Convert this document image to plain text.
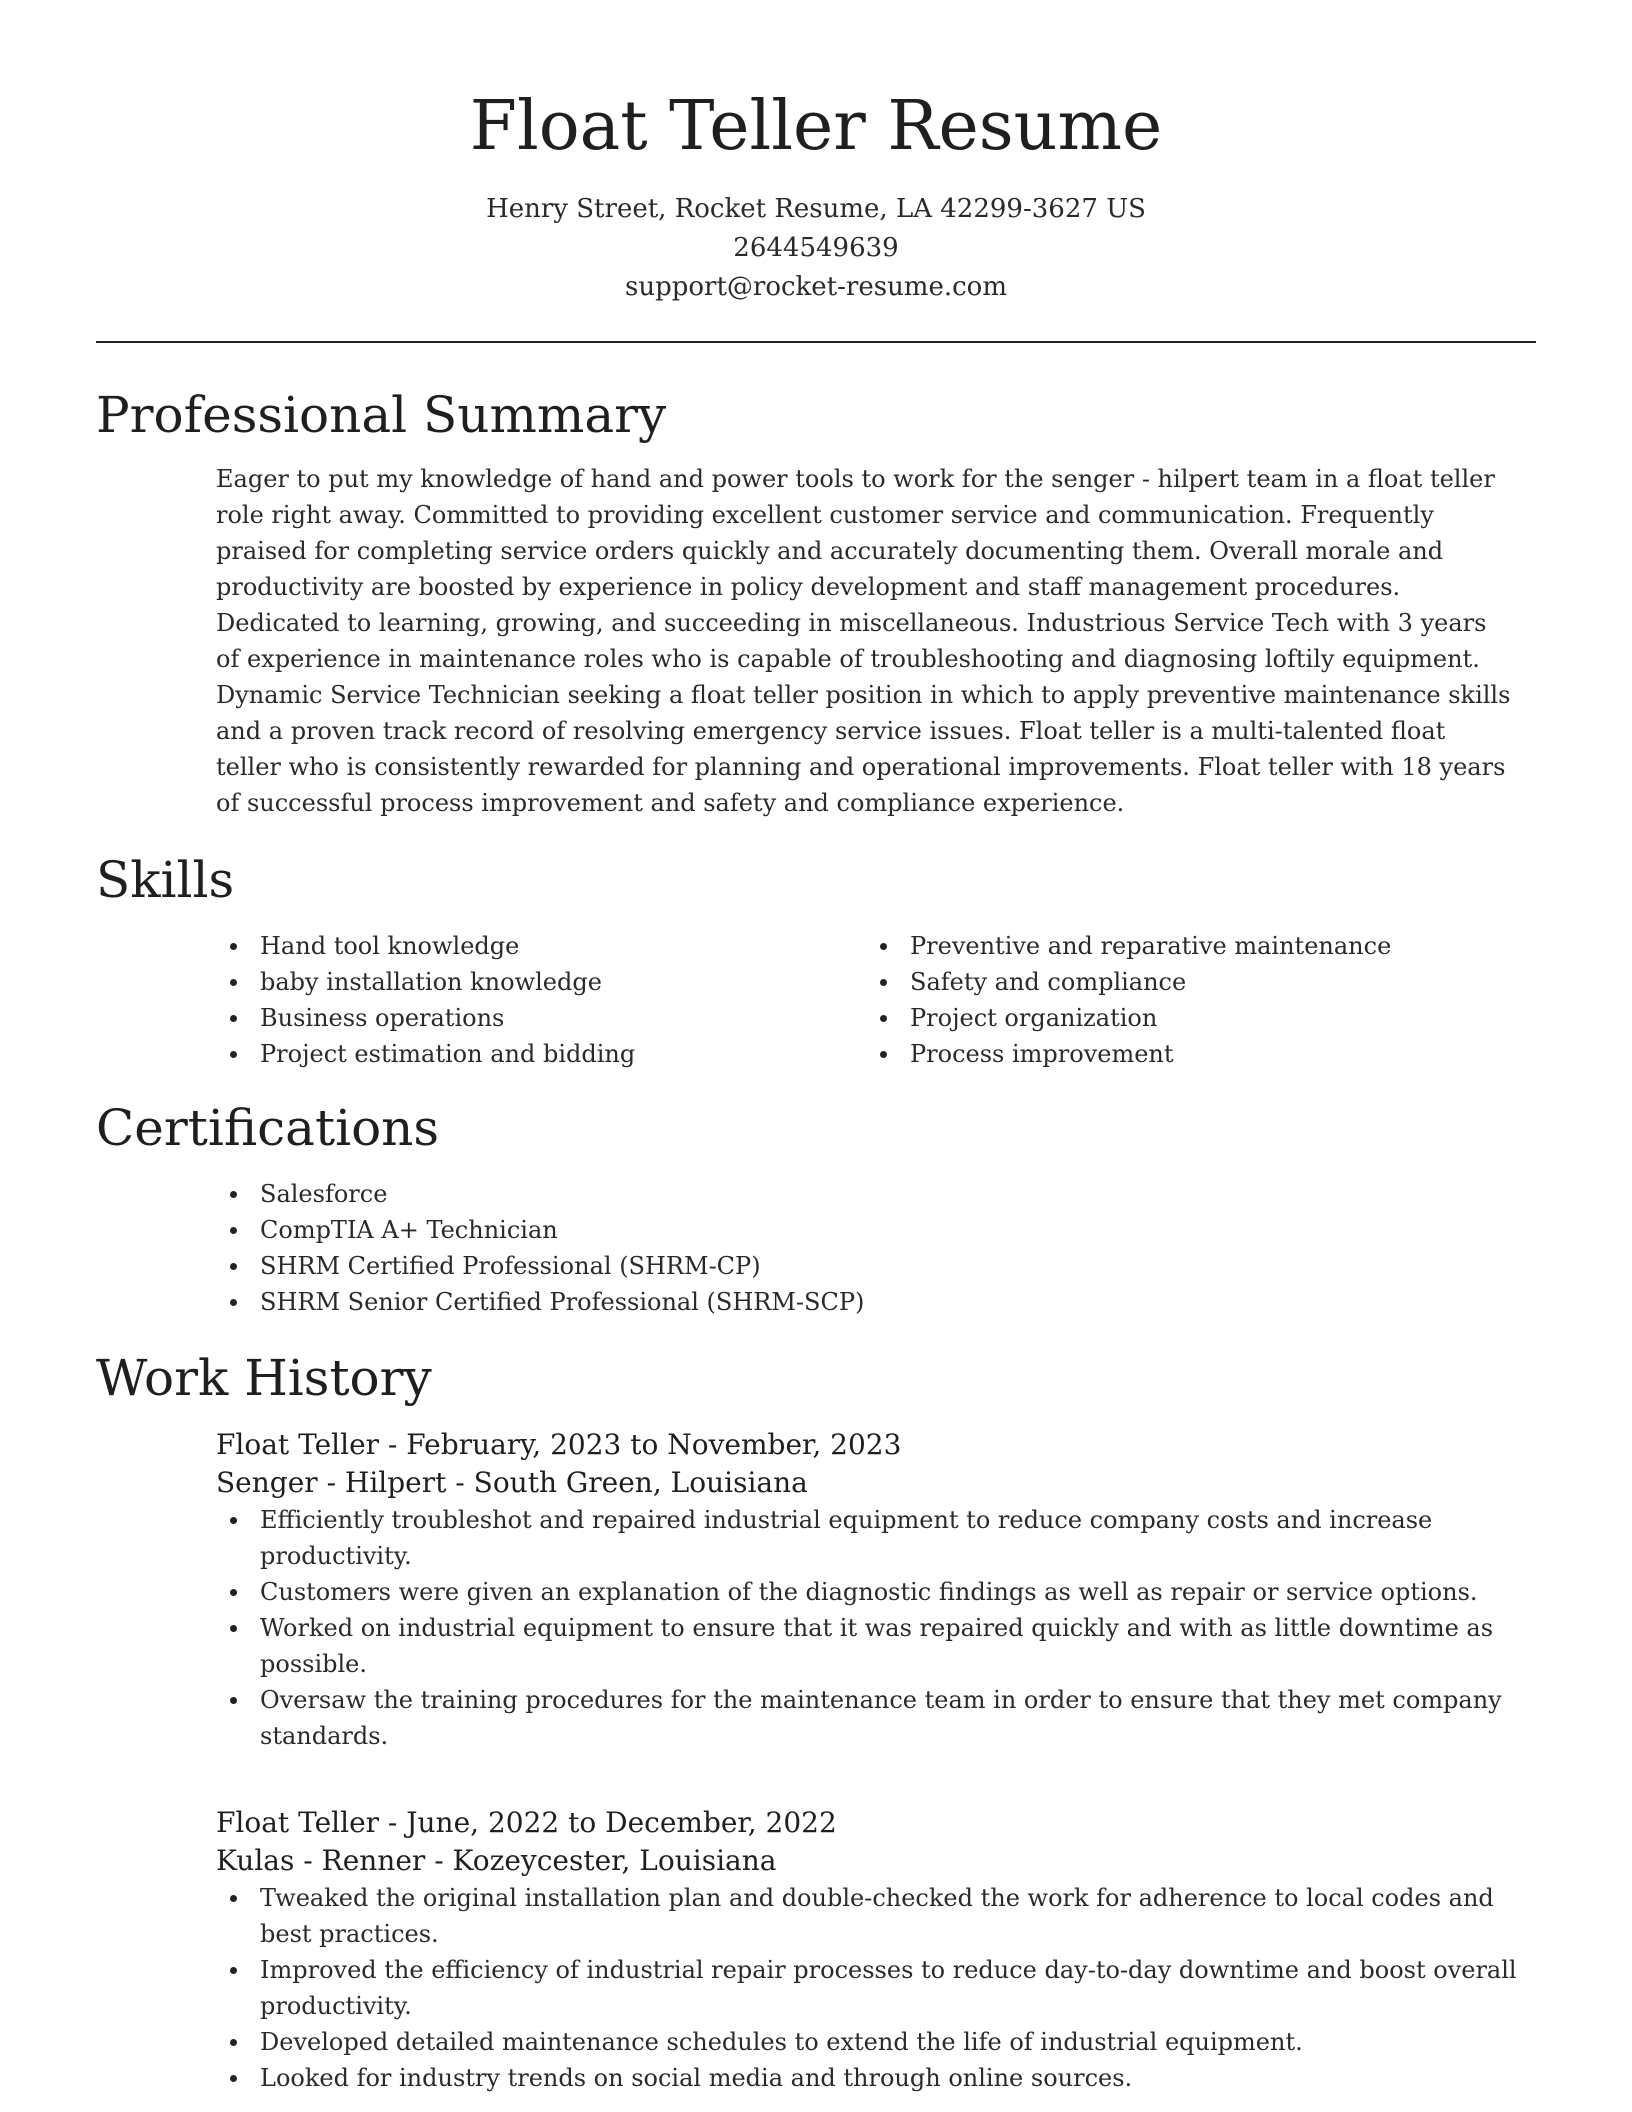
Float Teller Resume
Henry Street, Rocket Resume, LA 42299-3627 US
2644549639
support@rocket-resume.com
Professional Summary

Eager to put my knowledge of hand and power tools to work for the senger - hilpert team in a float teller role right away. Committed to providing excellent customer service and communication. Frequently praised for completing service orders quickly and accurately documenting them. Overall morale and productivity are boosted by experience in policy development and staff management procedures. Dedicated to learning, growing, and succeeding in miscellaneous. Industrious Service Tech with 3 years of experience in maintenance roles who is capable of troubleshooting and diagnosing loftily equipment. Dynamic Service Technician seeking a float teller position in which to apply preventive maintenance skills and a proven track record of resolving emergency service issues. Float teller is a multi-talented float teller who is consistently rewarded for planning and operational improvements. Float teller with 18 years of successful process improvement and safety and compliance experience.

Skills
Hand tool knowledge
baby installation knowledge
Business operations
Project estimation and bidding
Preventive and reparative maintenance
Safety and compliance
Project organization
Process improvement
Certifications
Salesforce
CompTIA A+ Technician
SHRM Certified Professional (SHRM-CP)
SHRM Senior Certified Professional (SHRM-SCP)
Work History
Float Teller - February, 2023 to November, 2023
Senger - Hilpert - South Green, Louisiana
Efficiently troubleshot and repaired industrial equipment to reduce company costs and increase productivity.
Customers were given an explanation of the diagnostic findings as well as repair or service options.
Worked on industrial equipment to ensure that it was repaired quickly and with as little downtime as possible.
Oversaw the training procedures for the maintenance team in order to ensure that they met company standards.
Float Teller - June, 2022 to December, 2022
Kulas - Renner - Kozeycester, Louisiana
Tweaked the original installation plan and double-checked the work for adherence to local codes and best practices.
Improved the efficiency of industrial repair processes to reduce day-to-day downtime and boost overall productivity.
Developed detailed maintenance schedules to extend the life of industrial equipment.
Looked for industry trends on social media and through online sources.
